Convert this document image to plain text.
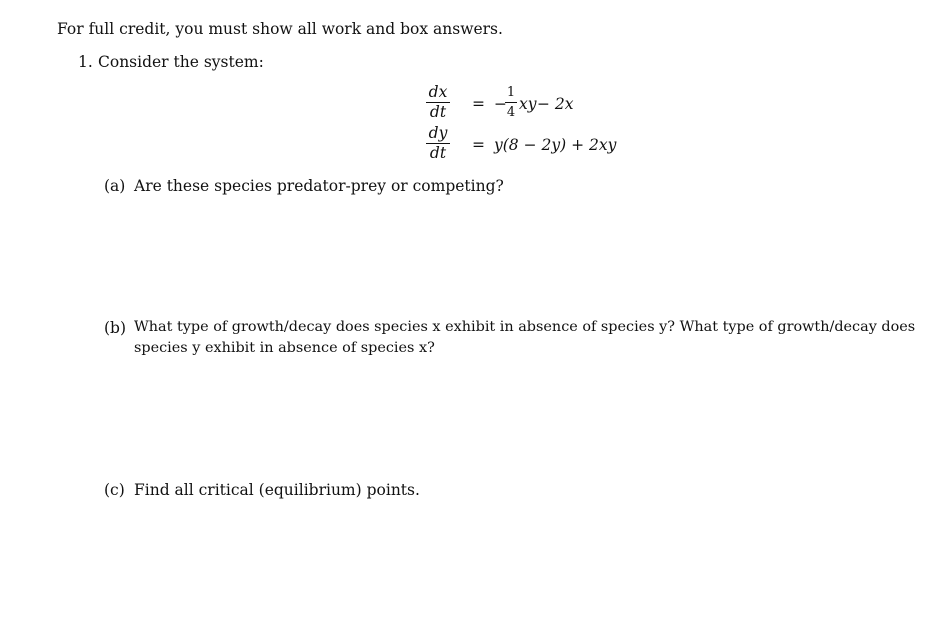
For full credit, you must show all work and box answers.
1. Consider the system:
dx
dt = −
1
4 xy − 2x
dy
dt = y(8 − 2y) + 2xy
(a) Are these species predator-prey or competing?
(b) What type of growth/decay does species x exhibit in absence of species y? What type of growth/decay does
species y exhibit in absence of species x?
(c) Find all critical (equilibrium) points.
